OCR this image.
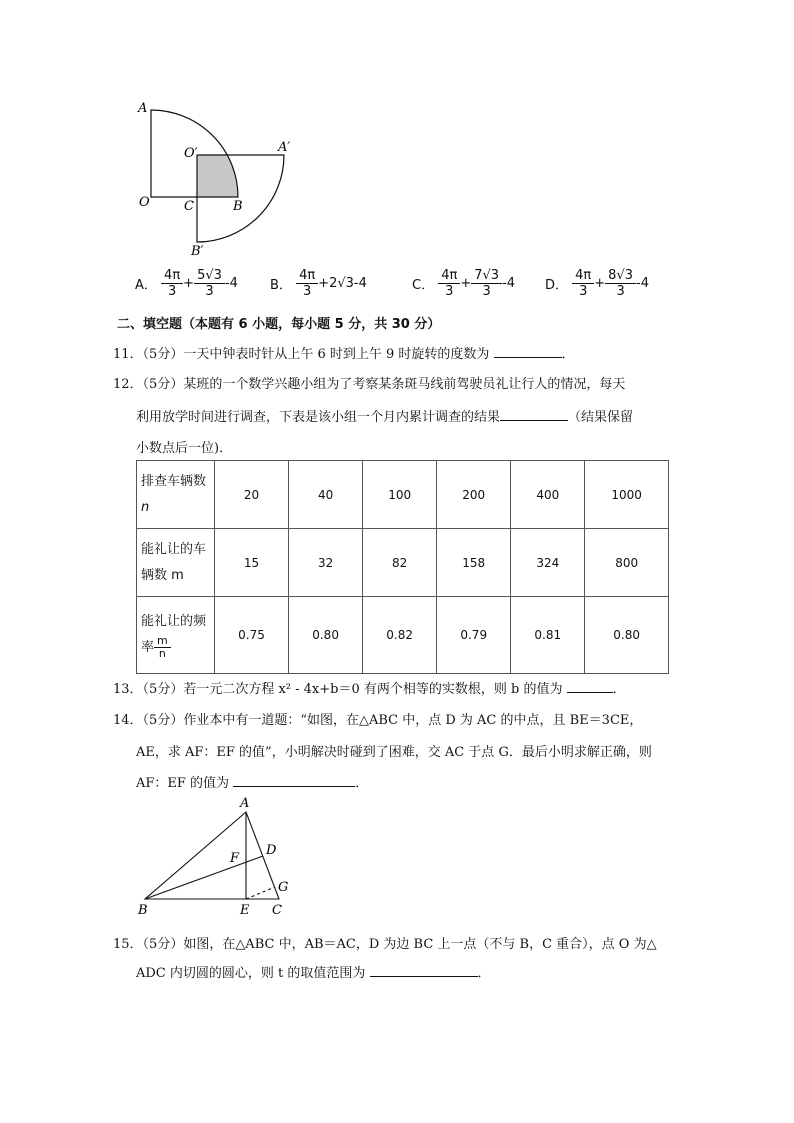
A
O
O′	A′
C	B
B′
A． $\frac{4\pi}{3} + \frac{5√3}{3} -4$ B． $\frac{4\pi}{3} +2√3-4$	C． $\frac{4\pi}{3} + \frac{7√3}{3} -4$ D． $\frac{4\pi}{3} + \frac{8√3}{3} -4$
二、填空题（本题有 6 小题，每小题 5 分，共 30 分）
11．（5分）一天中钟表时针从上午 6 时到上午 9 时旋转的度数为	．
12．（5分）某班的一个数学兴趣小组为了考察某条斑马线前驾驶员礼让行人的情况，每天
利用放学时间进行调查，下表是该小组一个月内累计调查的结果	（结果保留
小数点后一位)．
排查车辆数
n	20	40	100	200	400	1000
能礼让的车
辆数 m	15	32	82	158	324	800
能礼让的频
率 $\frac{m}{n}$	0.75	0.80	0.82	0.79	0.81	0.80
13．（5分）若一元二次方程 x² - 4x+b＝0 有两个相等的实数根，则 b 的值为	．
14．（5分）作业本中有一道题：“如图，在△ABC 中，点 D 为 AC 的中点，且 BE＝3CE，
AE，求 AF：EF 的值”，小明解决时碰到了困难，交 AC 于点 G．最后小明求解正确，则
AF：EF 的值为	．
A
B	E C
D
F
G
15．（5分）如图，在△ABC 中，AB＝AC，D 为边 BC 上一点（不与 B，C 重合），点 O 为△
ADC 内切圆的圆心，则 t 的取值范围为	．
